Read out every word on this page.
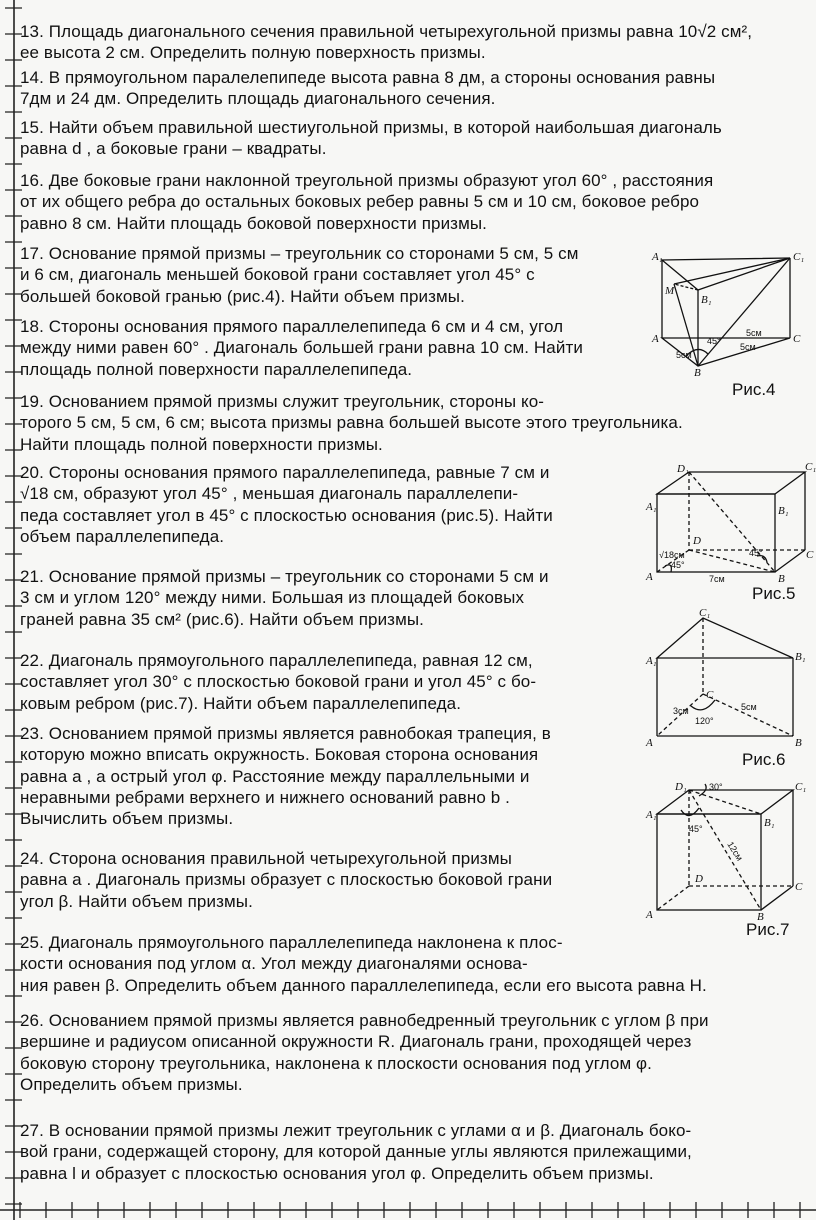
13. Площадь диагонального сечения правильной четырехугольной призмы равна 10√2 см²,
ее высота 2 см. Определить полную поверхность призмы.

14. В прямоугольном паралелепипеде высота равна 8 дм, а стороны основания равны
7дм и 24 дм. Определить площадь диагонального сечения.

15. Найти объем правильной шестиугольной призмы, в которой наибольшая диагональ
равна d , а боковые грани – квадраты.

16. Две боковые грани наклонной треугольной призмы образуют угол 60° , расстояния
от их общего ребра до остальных боковых ребер равны 5 см и 10 см, боковое ребро
равно 8 см. Найти площадь боковой поверхности призмы.

17. Основание прямой призмы – треугольник со сторонами 5 см, 5 см
и 6 см, диагональ меньшей боковой грани составляет угол 45° с
большей боковой гранью (рис.4). Найти объем призмы.

18. Стороны основания прямого параллелепипеда 6 см и 4 см, угол
между ними равен 60° . Диагональ большей грани равна 10 см. Найти
площадь полной поверхности параллелепипеда.

19. Основанием прямой призмы служит треугольник, стороны ко-
торого 5 см, 5 см, 6 см; высота призмы равна большей высоте этого треугольника.
Найти площадь полной поверхности призмы.

20. Стороны основания прямого параллелепипеда, равные 7 см и
√18 см, образуют угол 45° , меньшая диагональ параллелепи-
педа составляет угол в 45° с плоскостью основания (рис.5). Найти
объем параллелепипеда.

21. Основание прямой призмы – треугольник со сторонами 5 см и
3 см и углом 120° между ними. Большая из площадей боковых
граней равна 35 см² (рис.6). Найти объем призмы.

22. Диагональ прямоугольного параллелепипеда, равная 12 см,
составляет угол 30° с плоскостью боковой грани и угол 45° с бо-
ковым ребром (рис.7). Найти объем параллелепипеда.

23. Основанием прямой призмы является равнобокая трапеция, в
которую можно вписать окружность. Боковая сторона основания
равна a , а острый угол φ. Расстояние между параллельными и
неравными ребрами верхнего и нижнего оснований равно b .
Вычислить объем призмы.

24. Сторона основания правильной четырехугольной призмы
равна a . Диагональ призмы образует с плоскостью боковой грани
угол β. Найти объем призмы.

25. Диагональ прямоугольного параллелепипеда наклонена к плос-
кости основания под углом α. Угол между диагоналями основа-
ния равен β. Определить объем данного параллелепипеда, если его высота равна H.

26. Основанием прямой призмы является равнобедренный треугольник с углом β при
вершине и радиусом описанной окружности R. Диагональ грани, проходящей через
боковую сторону треугольника, наклонена к плоскости основания под углом φ.
Определить объем призмы.

27. В основании прямой призмы лежит треугольник с углами α и β. Диагональ боко-
вой грани, содержащей сторону, для которой данные углы являются прилежащими,
равна l и образует с плоскостью основания угол φ. Определить объем призмы.

A₁	C₁
B₁
M
A	C
B
45°
5см
5см
5см
Рис.4
D₁	C₁
A₁	B₁
D
C
A	B
45°
45°
7см
√18см
Рис.5
C₁
A₁	B₁
C
A	B
3см	5см
120°
Рис.6
D₁	C₁
A₁
B₁
D
C
A	B
30°
45°
12см
Рис.7
